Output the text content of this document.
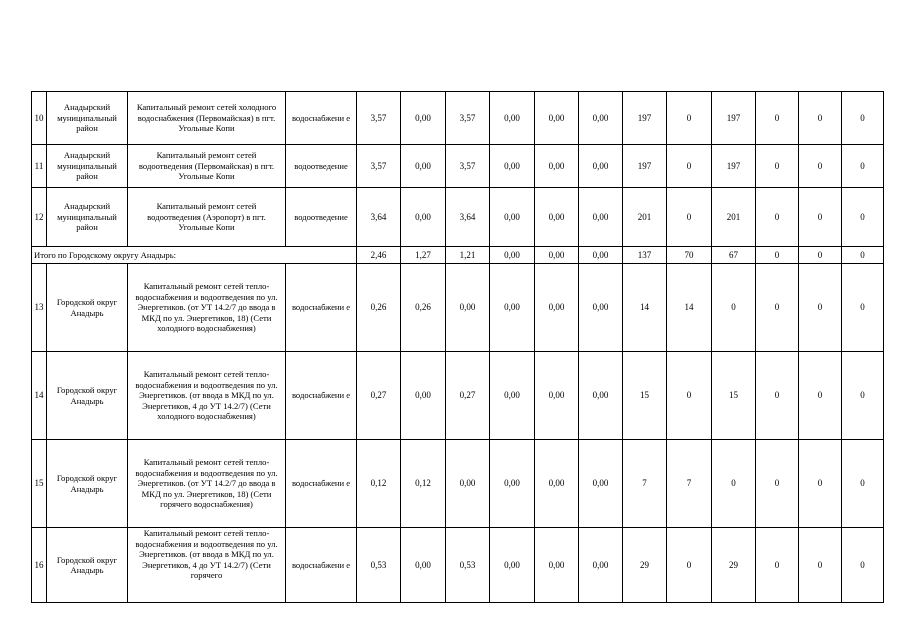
10	Анадырский муниципальный район	Капитальный ремонт сетей холодного водоснабжения (Первомайская) в пгт. Угольные Копи	водоснабжени е	3,57	0,00	3,57	0,00	0,00	0,00	197	0	197	0	0	0
11	Анадырский муниципальный район	Капитальный ремонт сетей водоотведения (Первомайская) в пгт. Угольные Копи	водоотведение	3,57	0,00	3,57	0,00	0,00	0,00	197	0	197	0	0	0
12	Анадырский муниципальный район	Капитальный ремонт сетей водоотведения (Аэропорт) в пгт. Угольные Копи	водоотведение	3,64	0,00	3,64	0,00	0,00	0,00	201	0	201	0	0	0
Итого по Городскому округу Анадырь:				2,46	1,27	1,21	0,00	0,00	0,00	137	70	67	0	0	0
13	Городской округ Анадырь	Капитальный ремонт сетей тепло-водоснабжения и водоотведения по ул. Энергетиков. (от УТ 14.2/7 до ввода в МКД по ул. Энергетиков, 18) (Сети холодного водоснабжения)	водоснабжени е	0,26	0,26	0,00	0,00	0,00	0,00	14	14	0	0	0	0
14	Городской округ Анадырь	Капитальный ремонт сетей тепло-водоснабжения и водоотведения по ул. Энергетиков. (от ввода в МКД по ул. Энергетиков, 4 до УТ 14.2/7) (Сети холодного водоснабжения)	водоснабжени е	0,27	0,00	0,27	0,00	0,00	0,00	15	0	15	0	0	0
15	Городской округ Анадырь	Капитальный ремонт сетей тепло-водоснабжения и водоотведения по ул. Энергетиков. (от УТ 14.2/7 до ввода в МКД по ул. Энергетиков, 18) (Сети горячего водоснабжения)	водоснабжени е	0,12	0,12	0,00	0,00	0,00	0,00	7	7	0	0	0	0
16	Городской округ Анадырь	Капитальный ремонт сетей тепло-водоснабжения и водоотведения по ул. Энергетиков. (от ввода в МКД по ул. Энергетиков, 4 до УТ 14.2/7) (Сети горячего	водоснабжени е	0,53	0,00	0,53	0,00	0,00	0,00	29	0	29	0	0	0
